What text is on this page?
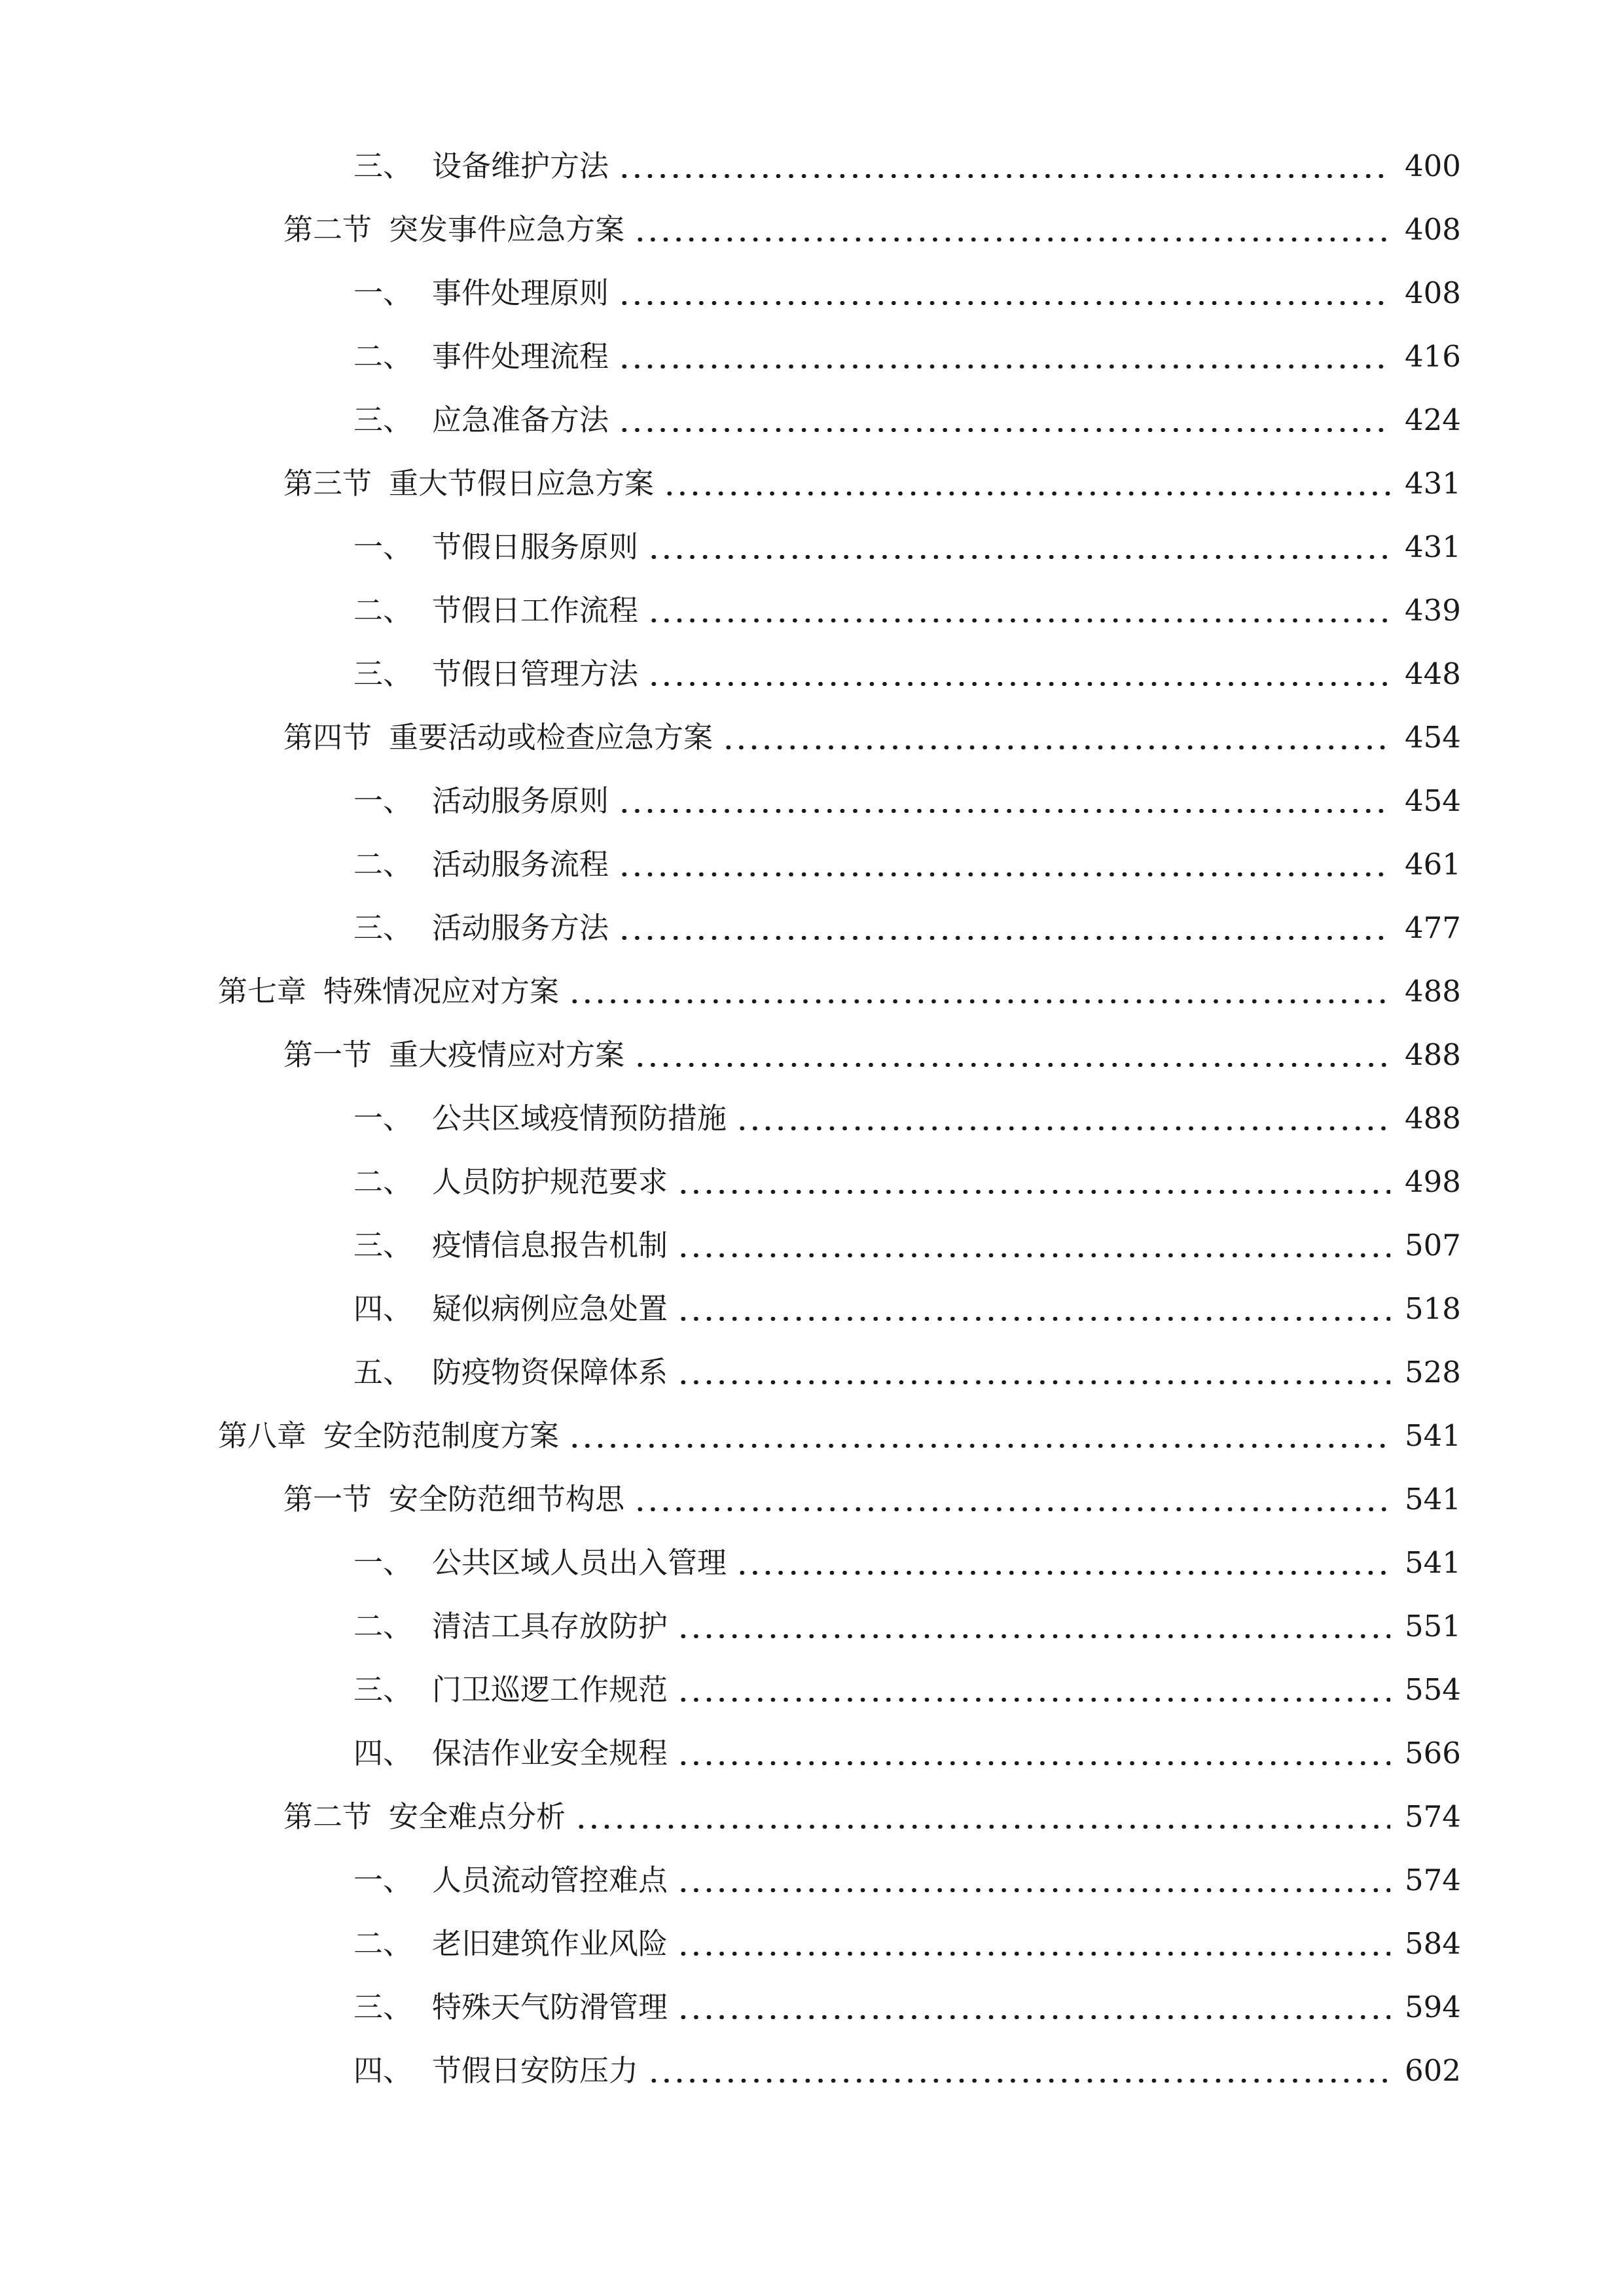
三、 设备维护方法	400
第二节 突发事件应急方案	408
一、 事件处理原则	408
二、 事件处理流程	416
三、 应急准备方法	424
第三节 重大节假日应急方案	431
一、 节假日服务原则	431
二、 节假日工作流程	439
三、 节假日管理方法	448
第四节 重要活动或检查应急方案	454
一、 活动服务原则	454
二、 活动服务流程	461
三、 活动服务方法	477
第七章 特殊情况应对方案	488
第一节 重大疫情应对方案	488
一、 公共区域疫情预防措施	488
二、 人员防护规范要求	498
三、 疫情信息报告机制	507
四、 疑似病例应急处置	518
五、 防疫物资保障体系	528
第八章 安全防范制度方案	541
第一节 安全防范细节构思	541
一、 公共区域人员出入管理	541
二、 清洁工具存放防护	551
三、 门卫巡逻工作规范	554
四、 保洁作业安全规程	566
第二节 安全难点分析	574
一、 人员流动管控难点	574
二、 老旧建筑作业风险	584
三、 特殊天气防滑管理	594
四、 节假日安防压力	602
